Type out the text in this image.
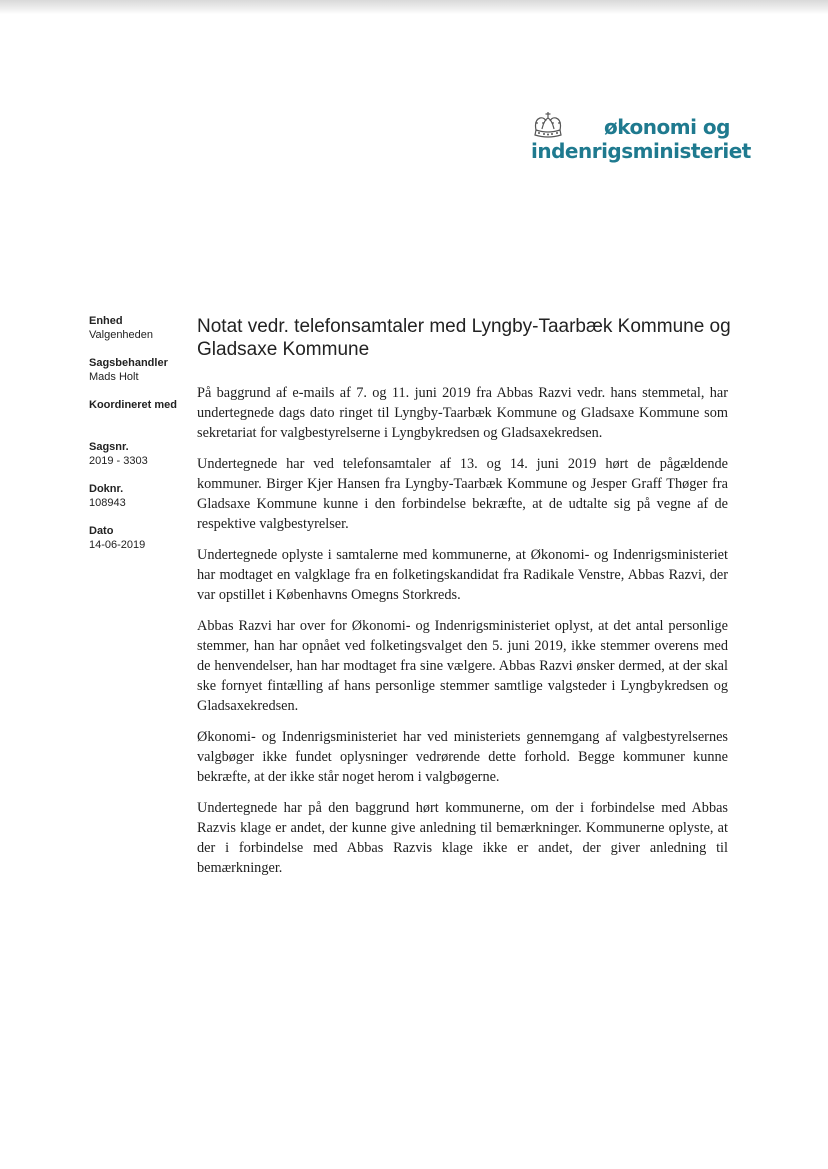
økonomi og
indenrigsministeriet
Enhed
Valgenheden
Sagsbehandler
Mads Holt
Koordineret med
Sagsnr.
2019 - 3303
Doknr.
108943
Dato
14-06-2019
Notat vedr. telefonsamtaler med Lyngby-Taarbæk Kommune og Gladsaxe Kommune

På baggrund af e-mails af 7. og 11. juni 2019 fra Abbas Razvi vedr. hans stemmetal, har undertegnede dags dato ringet til Lyngby-Taarbæk Kommune og Gladsaxe Kommune som sekretariat for valgbestyrelserne i Lyngbykredsen og Gladsaxekredsen.

Undertegnede har ved telefonsamtaler af 13. og 14. juni 2019 hørt de pågældende kommuner. Birger Kjer Hansen fra Lyngby-Taarbæk Kommune og Jesper Graff Thøger fra Gladsaxe Kommune kunne i den forbindelse bekræfte, at de udtalte sig på vegne af de respektive valgbestyrelser.

Undertegnede oplyste i samtalerne med kommunerne, at Økonomi- og Indenrigsministeriet har modtaget en valgklage fra en folketingskandidat fra Radikale Venstre, Abbas Razvi, der var opstillet i Københavns Omegns Storkreds.

Abbas Razvi har over for Økonomi- og Indenrigsministeriet oplyst, at det antal personlige stemmer, han har opnået ved folketingsvalget den 5. juni 2019, ikke stemmer overens med de henvendelser, han har modtaget fra sine vælgere. Abbas Razvi ønsker dermed, at der skal ske fornyet fintælling af hans personlige stemmer samtlige valgsteder i Lyngbykredsen og Gladsaxekredsen.

Økonomi- og Indenrigsministeriet har ved ministeriets gennemgang af valgbestyrelsernes valgbøger ikke fundet oplysninger vedrørende dette forhold. Begge kommuner kunne bekræfte, at der ikke står noget herom i valgbøgerne.

Undertegnede har på den baggrund hørt kommunerne, om der i forbindelse med Abbas Razvis klage er andet, der kunne give anledning til bemærkninger. Kommunerne oplyste, at der i forbindelse med Abbas Razvis klage ikke er andet, der giver anledning til bemærkninger.
